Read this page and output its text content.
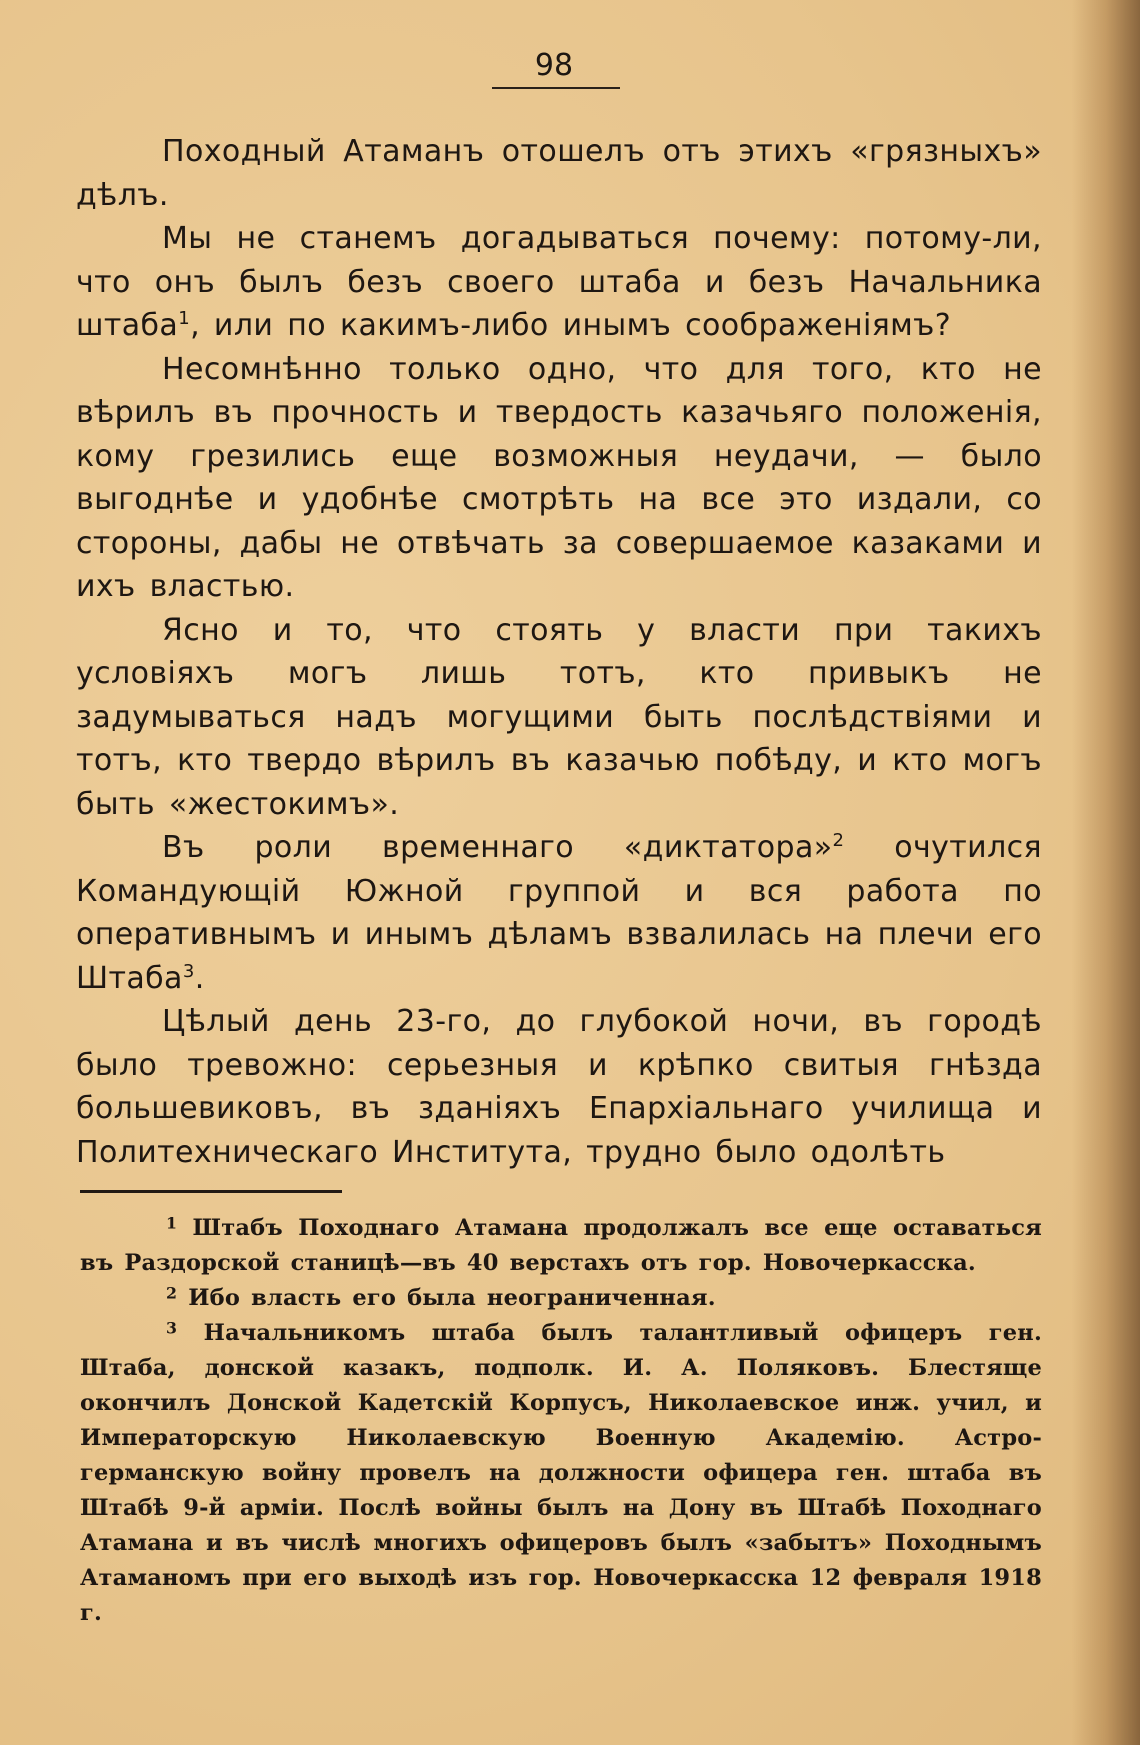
98

Походный Атаманъ отошелъ отъ этихъ «грязныхъ» дѣлъ.

Мы не станемъ догадываться почему: потому-ли, что онъ былъ безъ своего штаба и безъ Начальника штаба$^1$, или по какимъ-либо инымъ соображеніямъ?

Несомнѣнно только одно, что для того, кто не вѣрилъ въ прочность и твердость казачьяго положенія, кому грезились еще возможныя неудачи, — было выгоднѣе и удобнѣе смотрѣть на все это издали, со стороны, дабы не отвѣчать за совершаемое казаками и ихъ властью.

Ясно и то, что стоять у власти при такихъ условіяхъ могъ лишь тотъ, кто привыкъ не задумываться надъ могущими быть послѣдствіями и тотъ, кто твердо вѣрилъ въ казачью побѣду, и кто могъ быть «жестокимъ».

Въ роли временнаго «диктатора»$^2$ очутился Командующій Южной группой и вся работа по оперативнымъ и инымъ дѣламъ взвалилась на плечи его Штаба$^3$.

Цѣлый день 23-го, до глубокой ночи, въ городѣ было тревожно: серьезныя и крѣпко свитыя гнѣзда большевиковъ, въ зданіяхъ Епархіальнаго училища и Политехническаго Института, трудно было одолѣть

$^1$ Штабъ Походнаго Атамана продолжалъ все еще оставаться въ Раздорской станицѣ—въ 40 верстахъ отъ гор. Новочеркасска.

$^2$ Ибо власть его была неограниченная.

$^3$ Начальникомъ штаба былъ талантливый офицеръ ген. Штаба, донской казакъ, подполк. И. А. Поляковъ. Блестяще окончилъ Донской Кадетскій Корпусъ, Николаевское инж. учил, и Императорскую Николаевскую Военную Академію. Астро-германскую войну провелъ на должности офицера ген. штаба въ Штабѣ 9-й арміи. Послѣ войны былъ на Дону въ Штабѣ Походнаго Атамана и въ числѣ многихъ офицеровъ былъ «забытъ» Походнымъ Атаманомъ при его выходѣ изъ гор. Новочеркасска 12 февраля 1918 г.
